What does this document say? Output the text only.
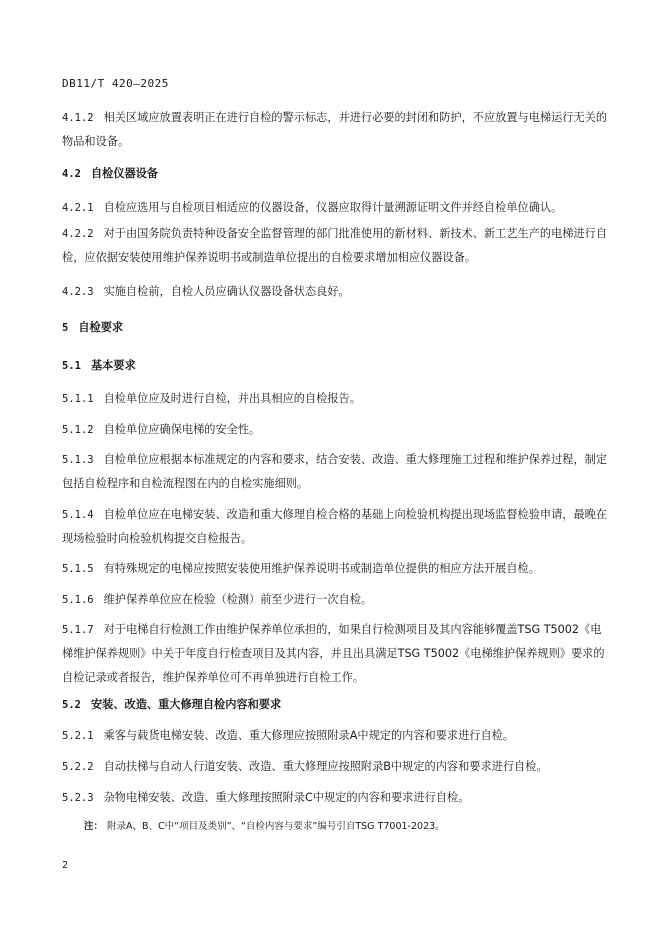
DB11/T 420—2025
4.1.2 相关区域应放置表明正在进行自检的警示标志，并进行必要的封闭和防护，不应放置与电梯运行无关的物品和设备。
4.2 自检仪器设备
4.2.1 自检应选用与自检项目相适应的仪器设备，仪器应取得计量溯源证明文件并经自检单位确认。
4.2.2 对于由国务院负责特种设备安全监督管理的部门批准使用的新材料、新技术、新工艺生产的电梯进行自检，应依据安装使用维护保养说明书或制造单位提出的自检要求增加相应仪器设备。
4.2.3 实施自检前，自检人员应确认仪器设备状态良好。
5 自检要求
5.1 基本要求
5.1.1 自检单位应及时进行自检，并出具相应的自检报告。
5.1.2 自检单位应确保电梯的安全性。
5.1.3 自检单位应根据本标准规定的内容和要求，结合安装、改造、重大修理施工过程和维护保养过程，制定包括自检程序和自检流程图在内的自检实施细则。
5.1.4 自检单位应在电梯安装、改造和重大修理自检合格的基础上向检验机构提出现场监督检验申请，最晚在现场检验时向检验机构提交自检报告。
5.1.5 有特殊规定的电梯应按照安装使用维护保养说明书或制造单位提供的相应方法开展自检。
5.1.6 维护保养单位应在检验（检测）前至少进行一次自检。
5.1.7 对于电梯自行检测工作由维护保养单位承担的，如果自行检测项目及其内容能够覆盖TSG T5002《电梯维护保养规则》中关于年度自行检查项目及其内容，并且出具满足TSG T5002《电梯维护保养规则》要求的自检记录或者报告，维护保养单位可不再单独进行自检工作。
5.2 安装、改造、重大修理自检内容和要求
5.2.1 乘客与载货电梯安装、改造、重大修理应按照附录A中规定的内容和要求进行自检。
5.2.2 自动扶梯与自动人行道安装、改造、重大修理应按照附录B中规定的内容和要求进行自检。
5.2.3 杂物电梯安装、改造、重大修理按照附录C中规定的内容和要求进行自检。
注： 附录A、B、C中“项目及类别”、“自检内容与要求”编号引自TSG T7001-2023。
2
